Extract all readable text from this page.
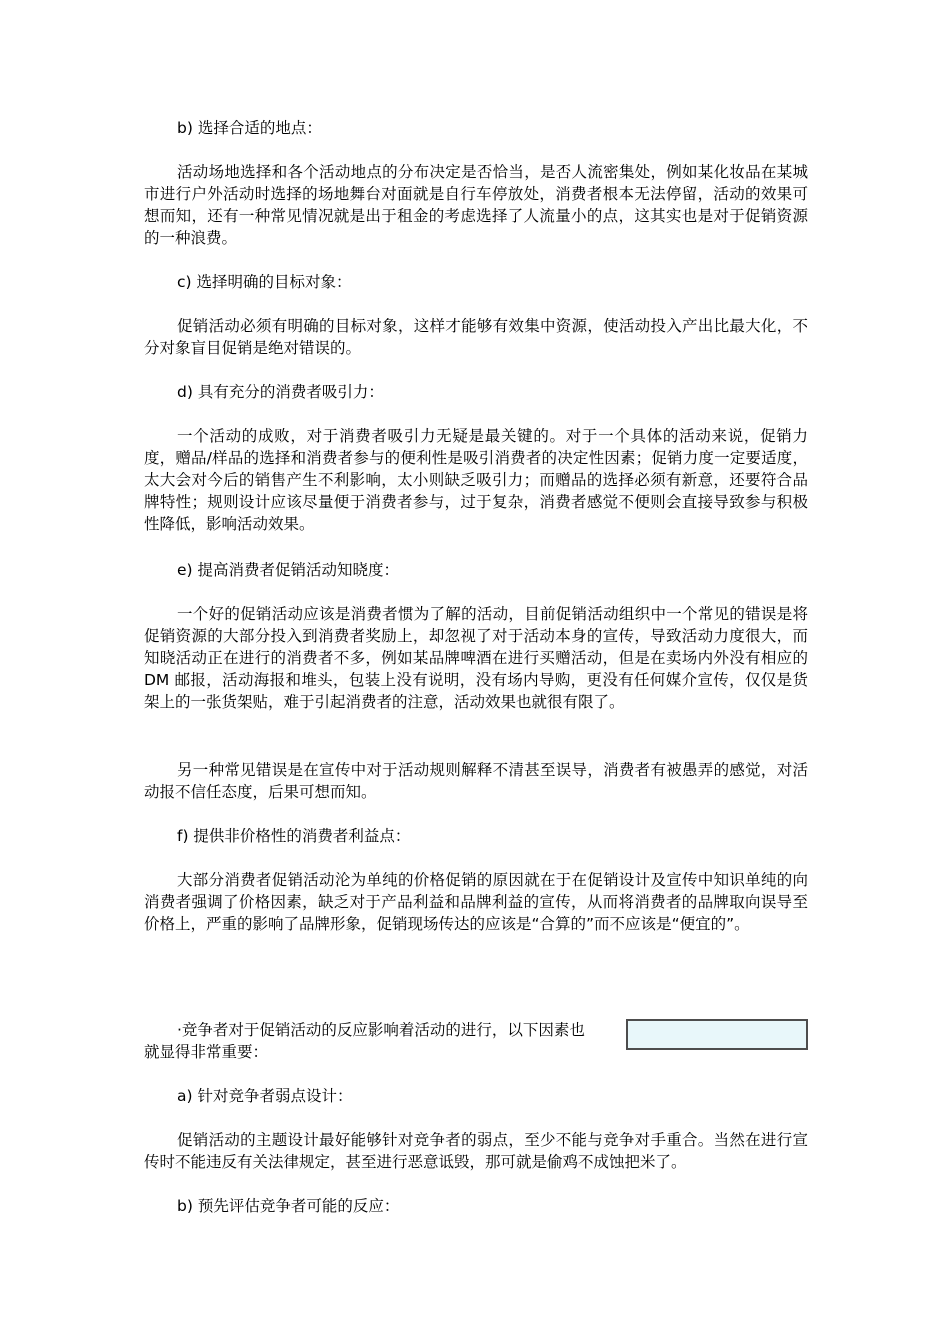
b) 选择合适的地点：

活动场地选择和各个活动地点的分布决定是否恰当，是否人流密集处，例如某化妆品在某城市进行户外活动时选择的场地舞台对面就是自行车停放处，消费者根本无法停留，活动的效果可想而知，还有一种常见情况就是出于租金的考虑选择了人流量小的点，这其实也是对于促销资源的一种浪费。

c) 选择明确的目标对象：

促销活动必须有明确的目标对象，这样才能够有效集中资源，使活动投入产出比最大化，不分对象盲目促销是绝对错误的。

d) 具有充分的消费者吸引力：

一个活动的成败，对于消费者吸引力无疑是最关键的。对于一个具体的活动来说，促销力度，赠品/样品的选择和消费者参与的便利性是吸引消费者的决定性因素；促销力度一定要适度，太大会对今后的销售产生不利影响，太小则缺乏吸引力；而赠品的选择必须有新意，还要符合品牌特性；规则设计应该尽量便于消费者参与，过于复杂，消费者感觉不便则会直接导致参与积极性降低，影响活动效果。

e) 提高消费者促销活动知晓度：

一个好的促销活动应该是消费者惯为了解的活动，目前促销活动组织中一个常见的错误是将促销资源的大部分投入到消费者奖励上，却忽视了对于活动本身的宣传，导致活动力度很大，而知晓活动正在进行的消费者不多，例如某品牌啤酒在进行买赠活动，但是在卖场内外没有相应的 DM 邮报，活动海报和堆头，包装上没有说明，没有场内导购，更没有任何媒介宣传，仅仅是货架上的一张货架贴，难于引起消费者的注意，活动效果也就很有限了。

另一种常见错误是在宣传中对于活动规则解释不清甚至误导，消费者有被愚弄的感觉，对活动报不信任态度，后果可想而知。

f) 提供非价格性的消费者利益点：

大部分消费者促销活动沦为单纯的价格促销的原因就在于在促销设计及宣传中知识单纯的向消费者强调了价格因素，缺乏对于产品利益和品牌利益的宣传，从而将消费者的品牌取向误导至价格上，严重的影响了品牌形象，促销现场传达的应该是“合算的”而不应该是“便宜的”。

·竞争者对于促销活动的反应影响着活动的进行，以下因素也

就显得非常重要：

a) 针对竞争者弱点设计：

促销活动的主题设计最好能够针对竞争者的弱点，至少不能与竞争对手重合。当然在进行宣传时不能违反有关法律规定，甚至进行恶意诋毁，那可就是偷鸡不成蚀把米了。

b) 预先评估竞争者可能的反应：
